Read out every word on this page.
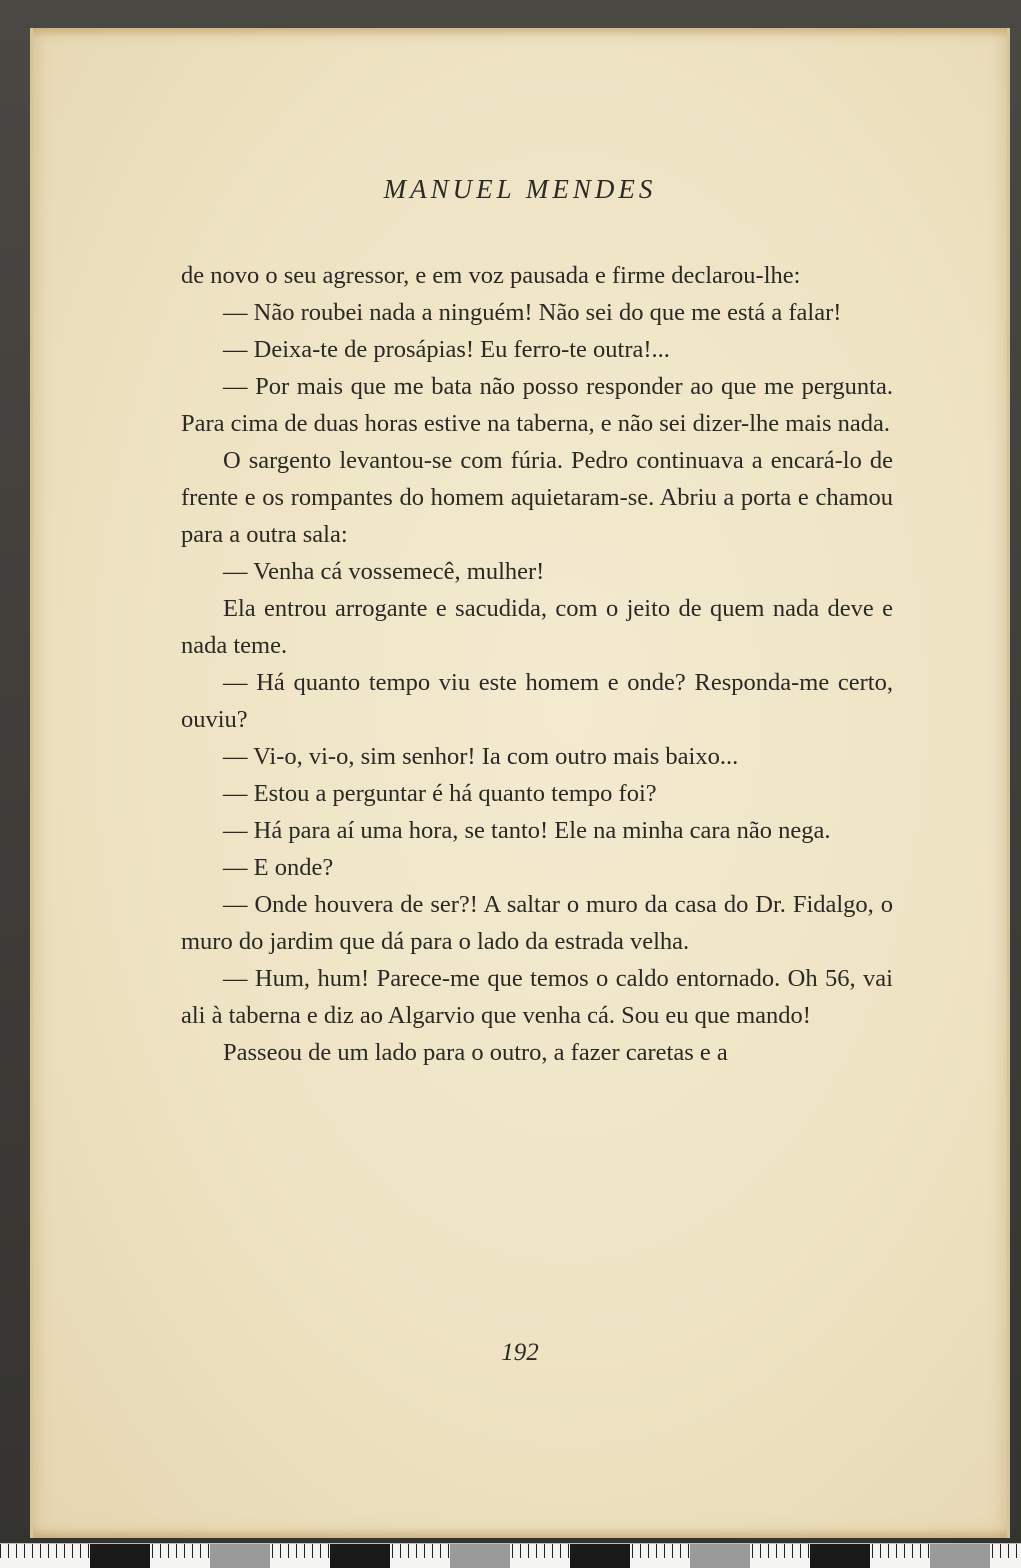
MANUEL MENDES

de novo o seu agressor, e em voz pausada e firme declarou-lhe:

— Não roubei nada a ninguém! Não sei do que me está a falar!

— Deixa-te de prosápias! Eu ferro-te outra!...

— Por mais que me bata não posso responder ao que me pergunta. Para cima de duas horas estive na taberna, e não sei dizer-lhe mais nada.

O sargento levantou-se com fúria. Pedro continuava a encará-lo de frente e os rompantes do homem aquietaram-se. Abriu a porta e chamou para a outra sala:

— Venha cá vossemecê, mulher!

Ela entrou arrogante e sacudida, com o jeito de quem nada deve e nada teme.

— Há quanto tempo viu este homem e onde? Responda-me certo, ouviu?

— Vi-o, vi-o, sim senhor! Ia com outro mais baixo...

— Estou a perguntar é há quanto tempo foi?

— Há para aí uma hora, se tanto! Ele na minha cara não nega.

— E onde?

— Onde houvera de ser?! A saltar o muro da casa do Dr. Fidalgo, o muro do jardim que dá para o lado da estrada velha.

— Hum, hum! Parece-me que temos o caldo entornado. Oh 56, vai ali à taberna e diz ao Algarvio que venha cá. Sou eu que mando!

Passeou de um lado para o outro, a fazer caretas e a

192
